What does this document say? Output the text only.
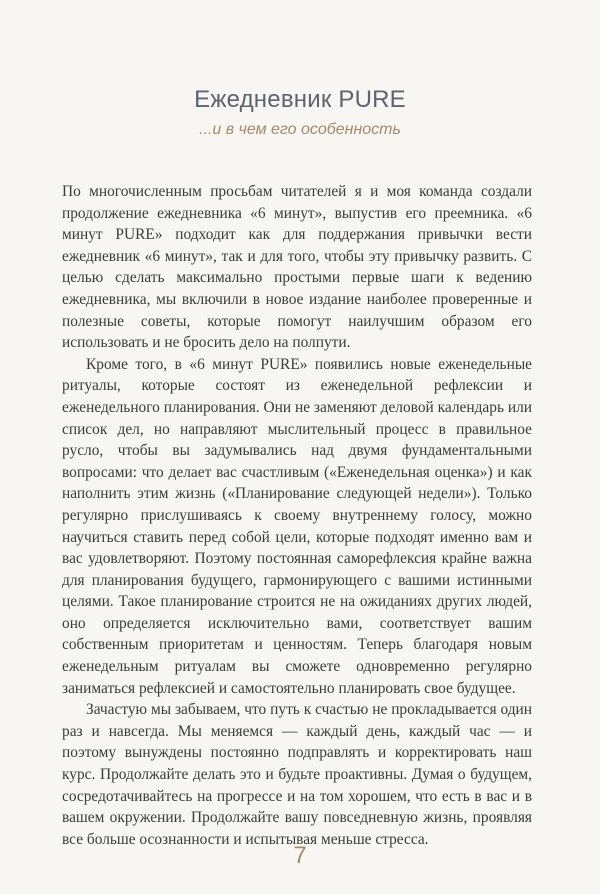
Ежедневник PURE
...и в чем его особенность

По многочисленным просьбам читателей я и моя команда создали продолжение ежедневника «6 минут», выпустив его преемника. «6 минут PURE» подходит как для поддержания привычки вести ежедневник «6 минут», так и для того, чтобы эту привычку развить. С целью сделать максимально простыми первые шаги к ведению ежедневника, мы включили в новое издание наиболее проверенные и полезные советы, которые помогут наилучшим образом его использовать и не бросить дело на полпути.

Кроме того, в «6 минут PURE» появились новые еженедельные ритуалы, которые состоят из еженедельной рефлексии и еженедельного планирования. Они не заменяют деловой календарь или список дел, но направляют мыслительный процесс в правильное русло, чтобы вы задумывались над двумя фундаментальными вопросами: что делает вас счастливым («Еженедельная оценка») и как наполнить этим жизнь («Планирование следующей недели»). Только регулярно прислушиваясь к своему внутреннему голосу, можно научиться ставить перед собой цели, которые подходят именно вам и вас удовлетворяют. Поэтому постоянная саморефлексия крайне важна для планирования будущего, гармонирующего с вашими истинными целями. Такое планирование строится не на ожиданиях других людей, оно определяется исключительно вами, соответствует вашим собственным приоритетам и ценностям. Теперь благодаря новым еженедельным ритуалам вы сможете одновременно регулярно заниматься рефлексией и самостоятельно планировать свое будущее.

Зачастую мы забываем, что путь к счастью не прокладывается один раз и навсегда. Мы меняемся — каждый день, каждый час — и поэтому вынуждены постоянно подправлять и корректировать наш курс. Продолжайте делать это и будьте проактивны. Думая о будущем, сосредотачивайтесь на прогрессе и на том хорошем, что есть в вас и в вашем окружении. Продолжайте вашу повседневную жизнь, проявляя все больше осознанности и испытывая меньше стресса.

7
